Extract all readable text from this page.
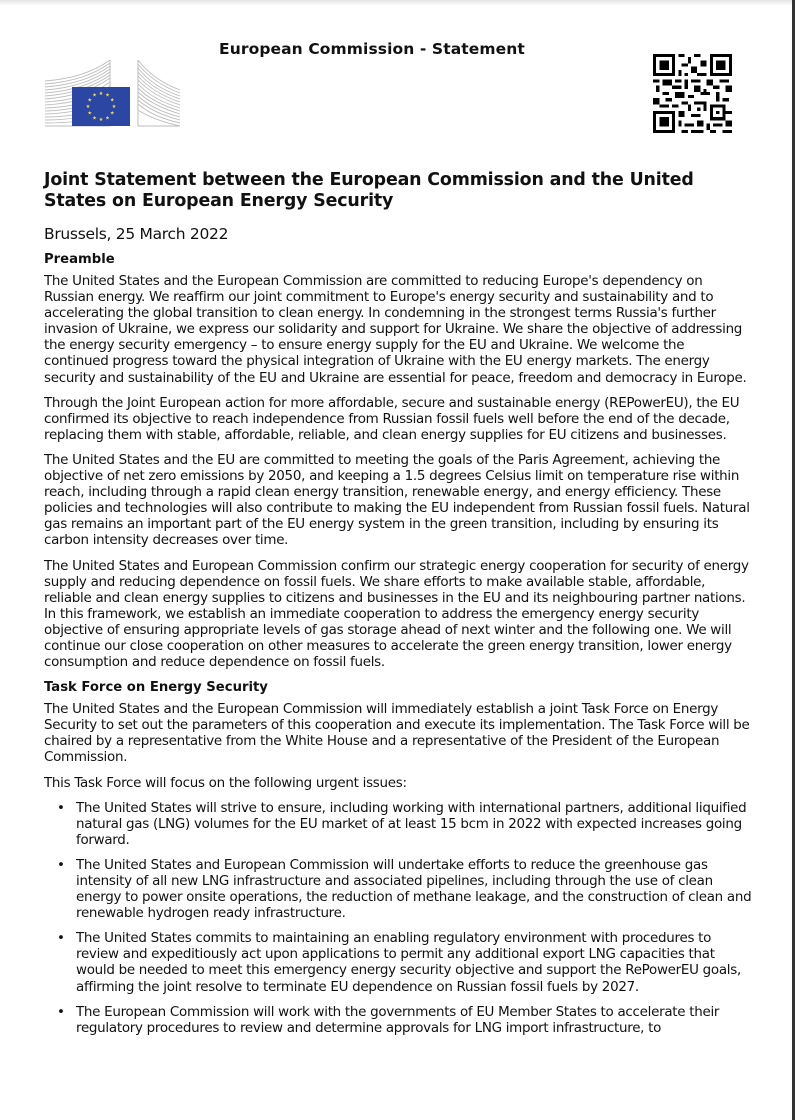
European Commission - Statement
★ ★
★
★
★
★
★
★
★
★
★
★
Joint Statement between the European Commission and the United States on European Energy Security
Brussels, 25 March 2022
Preamble

The United States and the European Commission are committed to reducing Europe's dependency on Russian energy. We reaffirm our joint commitment to Europe's energy security and sustainability and to accelerating the global transition to clean energy. In condemning in the strongest terms Russia's further invasion of Ukraine, we express our solidarity and support for Ukraine. We share the objective of addressing the energy security emergency – to ensure energy supply for the EU and Ukraine. We welcome the continued progress toward the physical integration of Ukraine with the EU energy markets. The energy security and sustainability of the EU and Ukraine are essential for peace, freedom and democracy in Europe.

Through the Joint European action for more affordable, secure and sustainable energy (REPowerEU), the EU confirmed its objective to reach independence from Russian fossil fuels well before the end of the decade, replacing them with stable, affordable, reliable, and clean energy supplies for EU citizens and businesses.

The United States and the EU are committed to meeting the goals of the Paris Agreement, achieving the objective of net zero emissions by 2050, and keeping a 1.5 degrees Celsius limit on temperature rise within reach, including through a rapid clean energy transition, renewable energy, and energy efficiency. These policies and technologies will also contribute to making the EU independent from Russian fossil fuels. Natural gas remains an important part of the EU energy system in the green transition, including by ensuring its carbon intensity decreases over time.

The United States and European Commission confirm our strategic energy cooperation for security of energy supply and reducing dependence on fossil fuels. We share efforts to make available stable, affordable, reliable and clean energy supplies to citizens and businesses in the EU and its neighbouring partner nations. In this framework, we establish an immediate cooperation to address the emergency energy security objective of ensuring appropriate levels of gas storage ahead of next winter and the following one. We will continue our close cooperation on other measures to accelerate the green energy transition, lower energy consumption and reduce dependence on fossil fuels.

Task Force on Energy Security

The United States and the European Commission will immediately establish a joint Task Force on Energy Security to set out the parameters of this cooperation and execute its implementation. The Task Force will be chaired by a representative from the White House and a representative of the President of the European Commission.

This Task Force will focus on the following urgent issues:

• The United States will strive to ensure, including working with international partners, additional liquified natural gas (LNG) volumes for the EU market of at least 15 bcm in 2022 with expected increases going forward.
• The United States and European Commission will undertake efforts to reduce the greenhouse gas intensity of all new LNG infrastructure and associated pipelines, including through the use of clean energy to power onsite operations, the reduction of methane leakage, and the construction of clean and renewable hydrogen ready infrastructure.
• The United States commits to maintaining an enabling regulatory environment with procedures to review and expeditiously act upon applications to permit any additional export LNG capacities that would be needed to meet this emergency energy security objective and support the RePowerEU goals, affirming the joint resolve to terminate EU dependence on Russian fossil fuels by 2027.
• The European Commission will work with the governments of EU Member States to accelerate their regulatory procedures to review and determine approvals for LNG import infrastructure, to
